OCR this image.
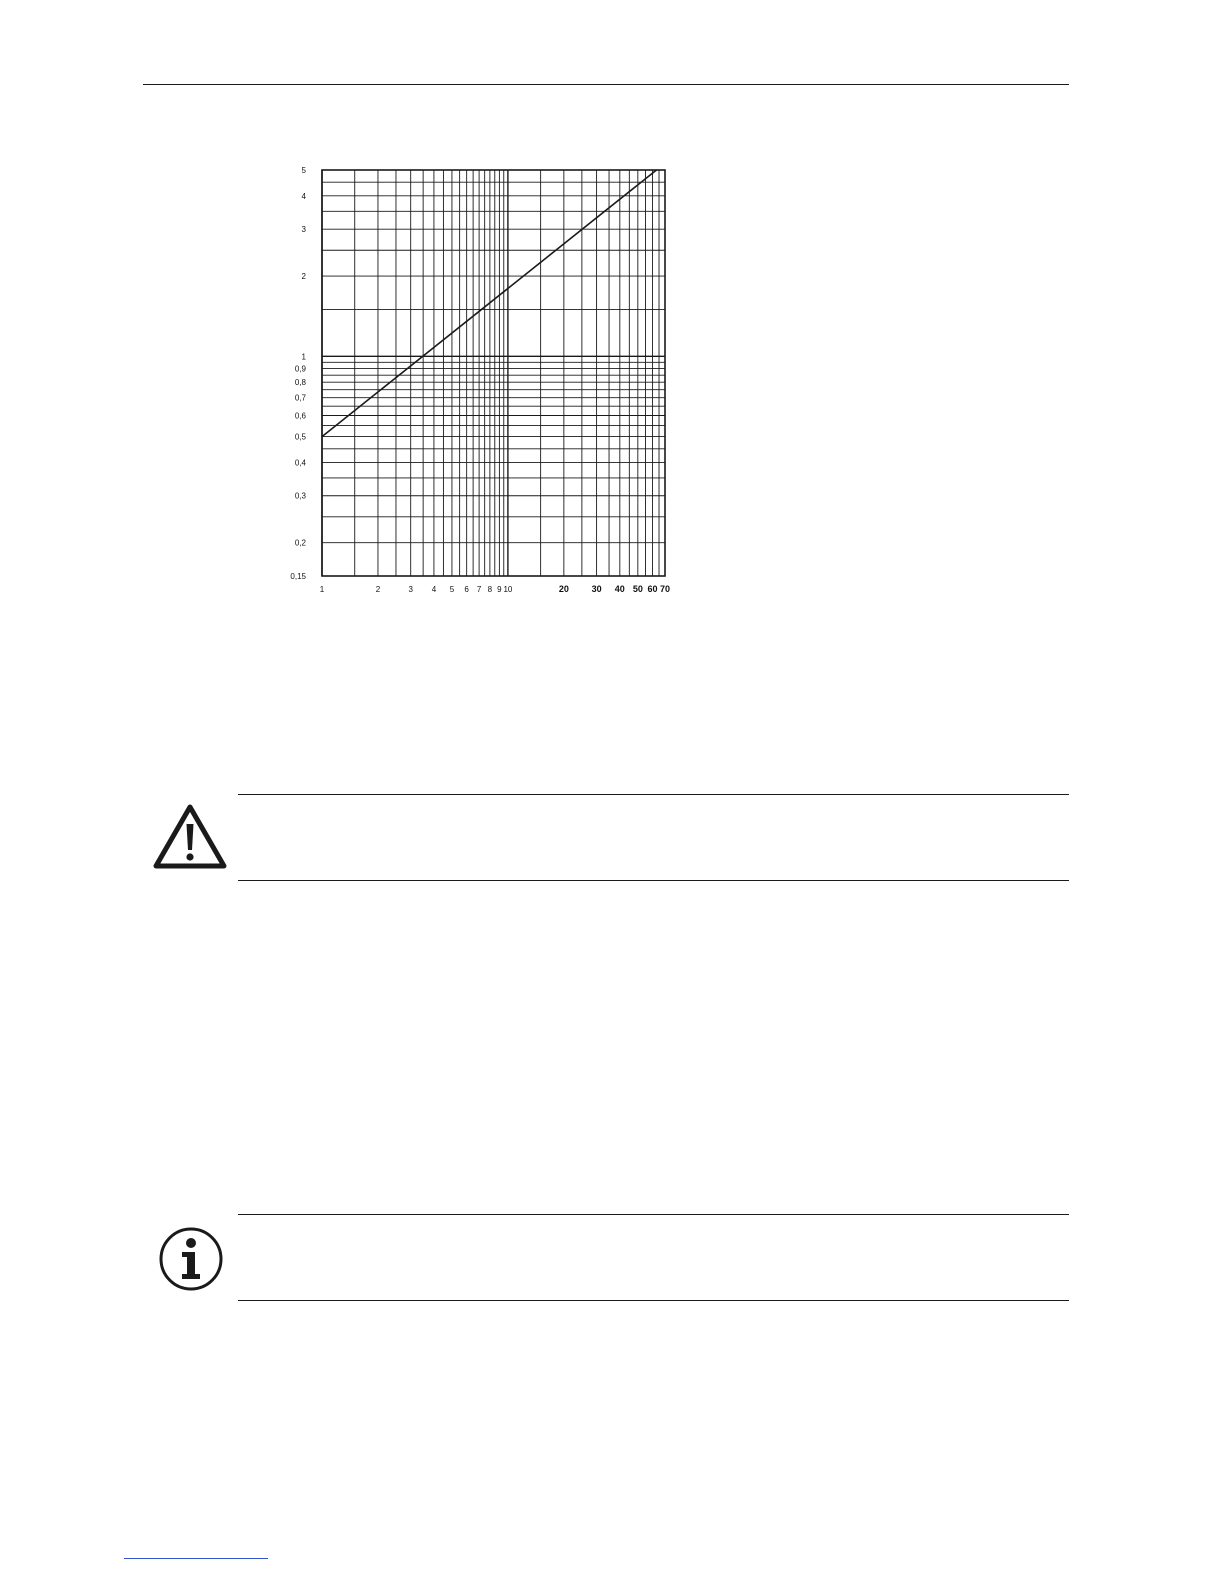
1	2	3 4 5 6 7 8 9 10	20	30 40 50 60 70
0,15
0,2
0,3
0,4
0,5
0,6
0,7
0,8
0,9
1
2
3
4
5
